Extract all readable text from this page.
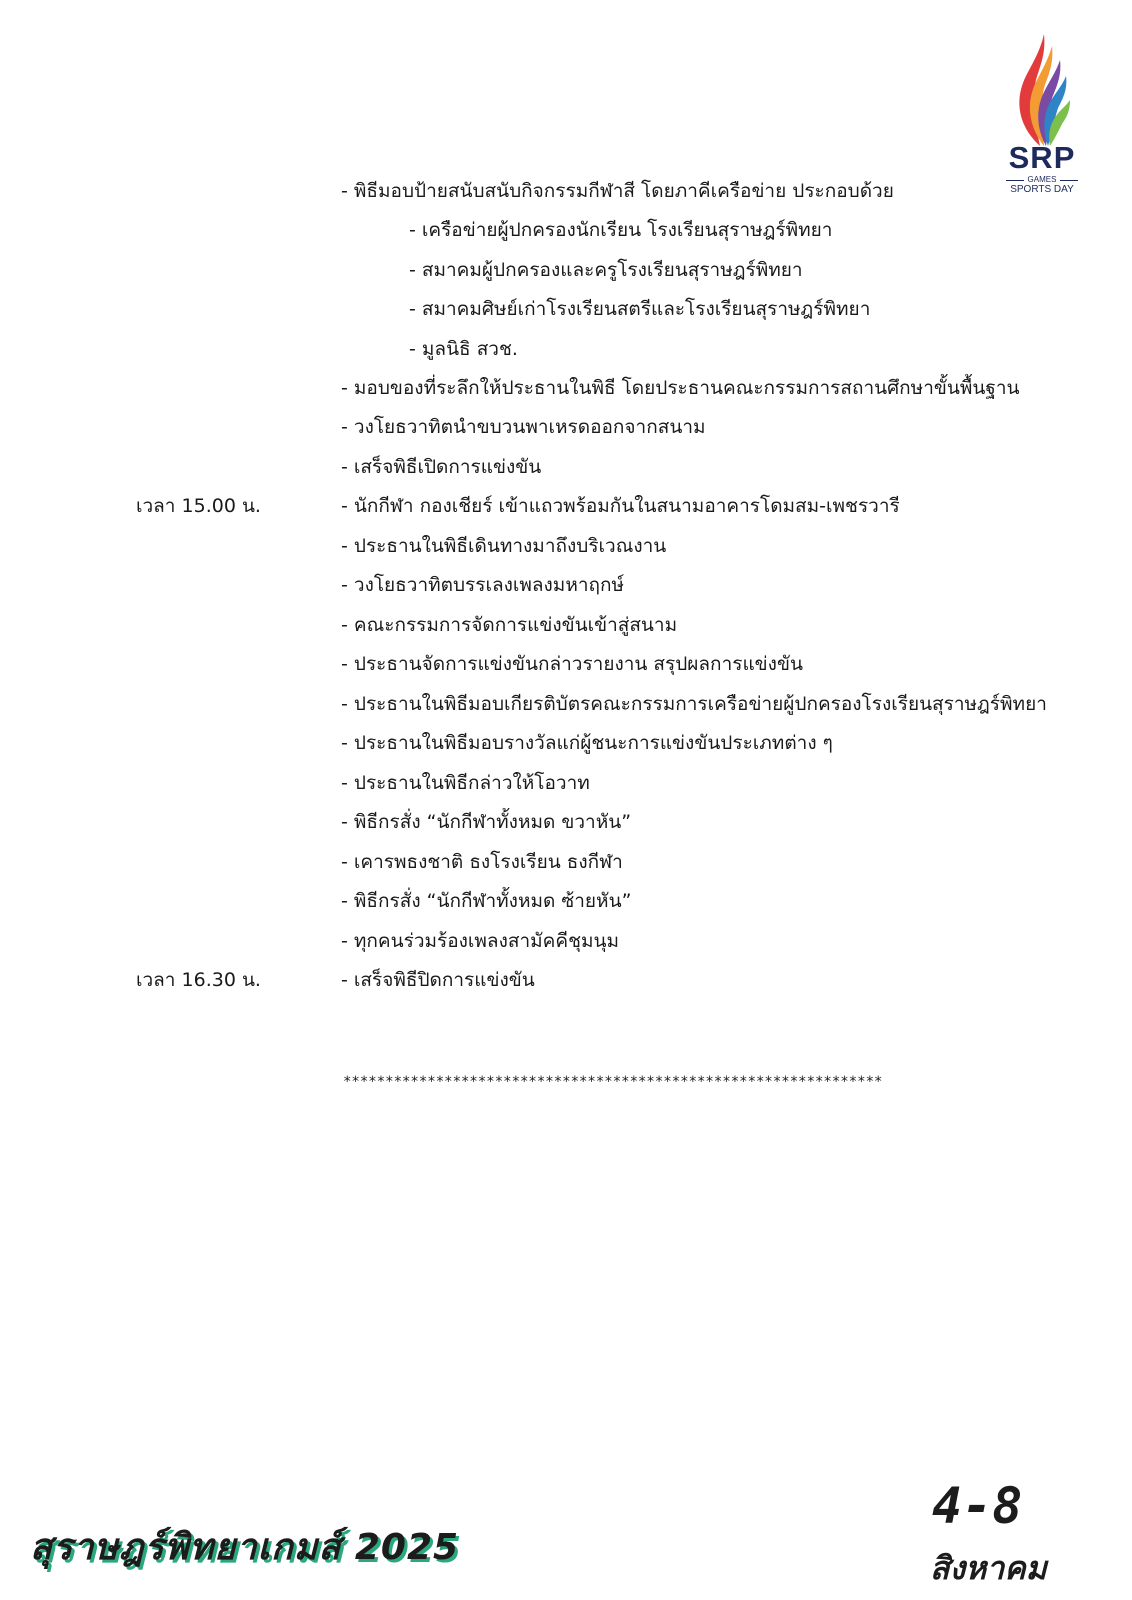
SRP
GAMES
SPORTS DAY
- พิธีมอบป้ายสนับสนับกิจกรรมกีฬาสี โดยภาคีเครือข่าย ประกอบด้วย
- เครือข่ายผู้ปกครองนักเรียน โรงเรียนสุราษฎร์พิทยา
- สมาคมผู้ปกครองและครูโรงเรียนสุราษฎร์พิทยา
- สมาคมศิษย์เก่าโรงเรียนสตรีและโรงเรียนสุราษฎร์พิทยา
- มูลนิธิ สวช.
- มอบของที่ระลึกให้ประธานในพิธี โดยประธานคณะกรรมการสถานศึกษาขั้นพื้นฐาน
- วงโยธวาทิตนำขบวนพาเหรดออกจากสนาม
- เสร็จพิธีเปิดการแข่งขัน
เวลา 15.00 น.	- นักกีฬา กองเชียร์ เข้าแถวพร้อมกันในสนามอาคารโดมสม-เพชรวารี
- ประธานในพิธีเดินทางมาถึงบริเวณงาน
- วงโยธวาทิตบรรเลงเพลงมหาฤกษ์
- คณะกรรมการจัดการแข่งขันเข้าสู่สนาม
- ประธานจัดการแข่งขันกล่าวรายงาน สรุปผลการแข่งขัน
- ประธานในพิธีมอบเกียรติบัตรคณะกรรมการเครือข่ายผู้ปกครองโรงเรียนสุราษฎร์พิทยา
- ประธานในพิธีมอบรางวัลแก่ผู้ชนะการแข่งขันประเภทต่าง ๆ
- ประธานในพิธีกล่าวให้โอวาท
- พิธีกรสั่ง “นักกีฬาทั้งหมด ขวาหัน”
- เคารพธงชาติ ธงโรงเรียน ธงกีฬา
- พิธีกรสั่ง “นักกีฬาทั้งหมด ซ้ายหัน”
- ทุกคนร่วมร้องเพลงสามัคคีชุมนุม
เวลา 16.30 น.	- เสร็จพิธีปิดการแข่งขัน
****************************************************************
สุราษฎร์พิทยาเกมส์ 2025
4-8
สิงหาคม
